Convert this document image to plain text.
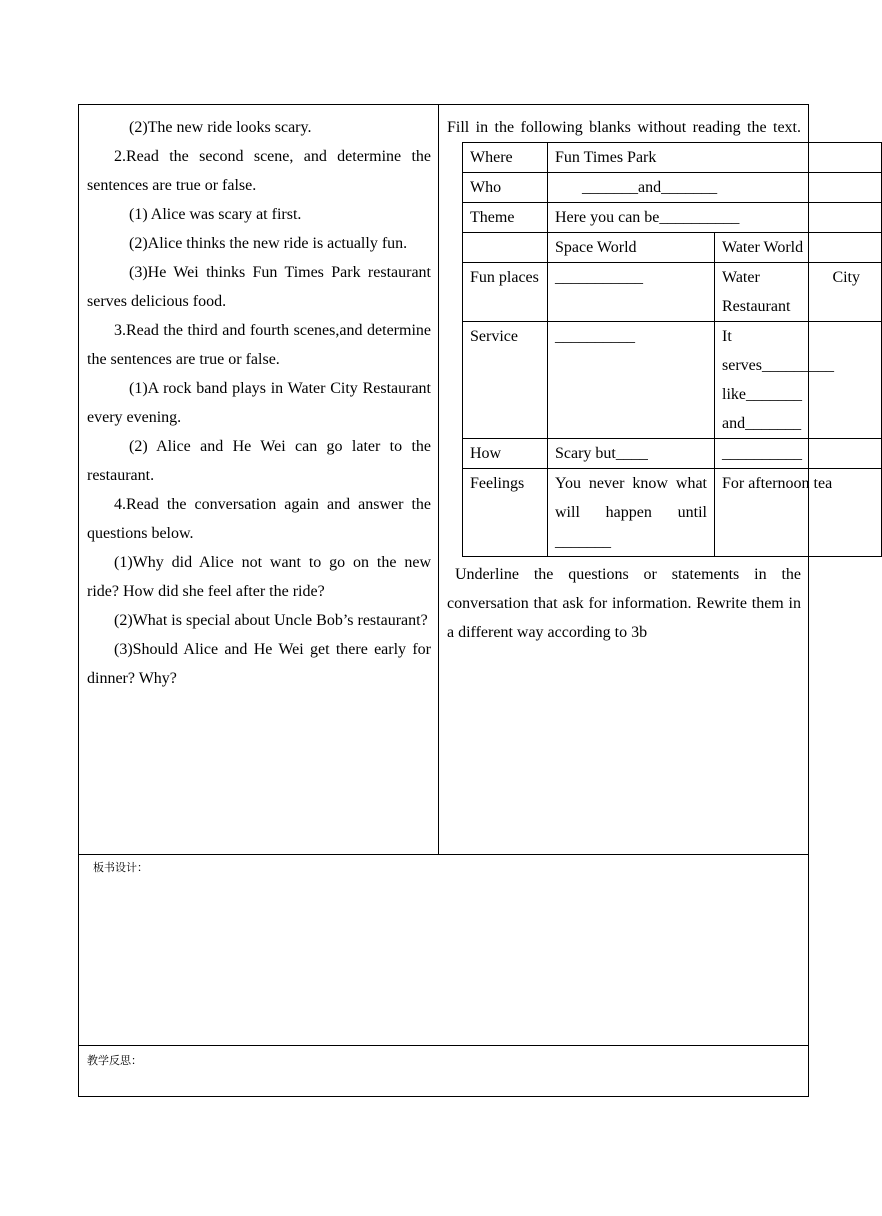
(2)The new ride looks scary.

2.Read the second scene, and determine the sentences are true or false.

(1) Alice was scary at first.

(2)Alice thinks the new ride is actually fun.

(3)He Wei thinks Fun Times Park restaurant serves delicious food.

3.Read the third and fourth scenes,and determine the sentences are true or false.

(1)A rock band plays in Water City Restaurant every evening.

(2) Alice and He Wei can go later to the restaurant.

4.Read the conversation again and answer the questions below.

(1)Why did Alice not want to go on the new ride? How did she feel after the ride?

(2)What is special about Uncle Bob’s restaurant?

(3)Should Alice and He Wei get there early for dinner? Why?

Fill in the following blanks without reading the text.

Where	Fun Times Park
Who	_______and_______
Theme	Here you can be__________
	Space World	Water World
Fun places	___________	Water City Restaurant
Service	__________	It serves_________ like_______ and_______
How	Scary but____	__________
Feelings	You never know what will happen until _______	For afternoon tea

Underline the questions or statements in the conversation that ask for information. Rewrite them in a different way according to 3b

板书设计：

教学反思：
